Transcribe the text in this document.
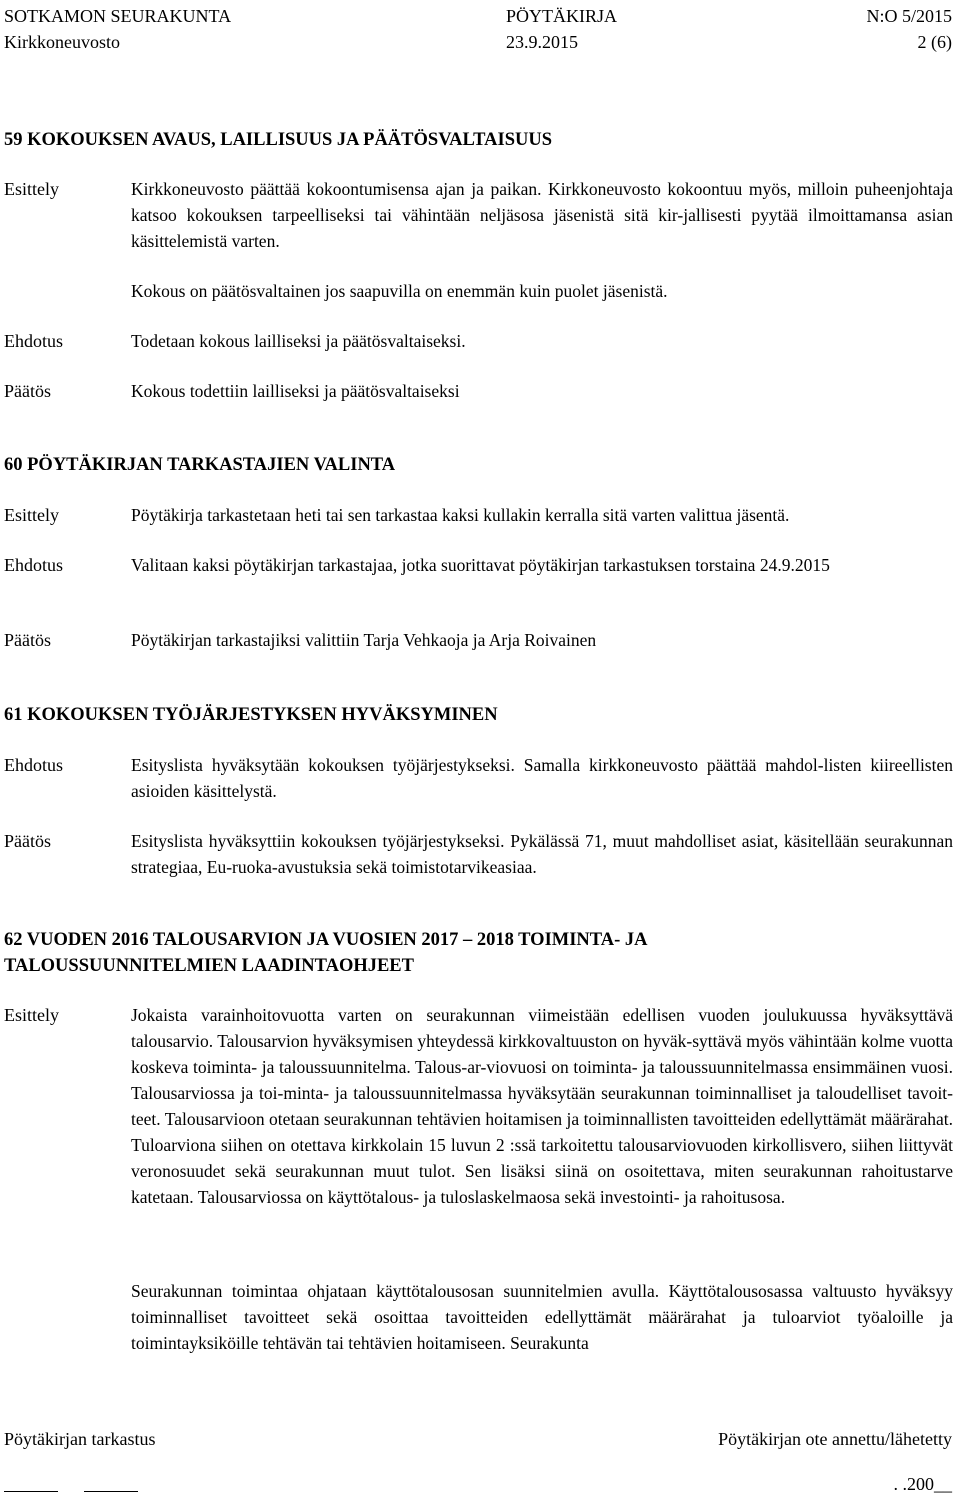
SOTKAMON SEURAKUNTA	PÖYTÄKIRJA	N:O 5/2015
Kirkkoneuvosto	23.9.2015	2 (6)
59 KOKOUKSEN AVAUS, LAILLISUUS JA PÄÄTÖSVALTAISUUS
Esittely	Kirkkoneuvosto päättää kokoontumisensa ajan ja paikan. Kirkkoneuvosto kokoontuu myös, milloin puheenjohtaja katsoo kokouksen tarpeelliseksi tai vähintään neljäsosa jäsenistä sitä kir-jallisesti pyytää ilmoittamansa asian käsittelemistä varten.
Kokous on päätösvaltainen jos saapuvilla on enemmän kuin puolet jäsenistä.
Ehdotus	Todetaan kokous lailliseksi ja päätösvaltaiseksi.
Päätös	Kokous todettiin lailliseksi ja päätösvaltaiseksi
60 PÖYTÄKIRJAN TARKASTAJIEN VALINTA
Esittely	Pöytäkirja tarkastetaan heti tai sen tarkastaa kaksi kullakin kerralla sitä varten valittua jäsentä.
Ehdotus	Valitaan kaksi pöytäkirjan tarkastajaa, jotka suorittavat pöytäkirjan tarkastuksen torstaina 24.9.2015
Päätös	Pöytäkirjan tarkastajiksi valittiin Tarja Vehkaoja ja Arja Roivainen
61 KOKOUKSEN TYÖJÄRJESTYKSEN HYVÄKSYMINEN
Ehdotus	Esityslista hyväksytään kokouksen työjärjestykseksi. Samalla kirkkoneuvosto päättää mahdol-listen kiireellisten asioiden käsittelystä.
Päätös	Esityslista hyväksyttiin kokouksen työjärjestykseksi. Pykälässä 71, muut mahdolliset asiat, käsitellään seurakunnan strategiaa, Eu-ruoka-avustuksia sekä toimistotarvikeasiaa.
62 VUODEN 2016 TALOUSARVION JA VUOSIEN 2017 – 2018 TOIMINTA- JA
TALOUSSUUNNITELMIEN LAADINTAOHJEET
Esittely	Jokaista varainhoitovuotta varten on seurakunnan viimeistään edellisen vuoden joulukuussa hyväksyttävä talousarvio. Talousarvion hyväksymisen yhteydessä kirkkovaltuuston on hyväk-syttävä myös vähintään kolme vuotta koskeva toiminta- ja taloussuunnitelma. Talous-ar-viovuosi on toiminta- ja taloussuunnitelmassa ensimmäinen vuosi. Talousarviossa ja toi-minta- ja taloussuunnitelmassa hyväksytään seurakunnan toiminnalliset ja taloudelliset tavoit-teet. Talousarvioon otetaan seurakunnan tehtävien hoitamisen ja toiminnallisten tavoitteiden edellyttämät määrärahat. Tuloarviona siihen on otettava kirkkolain 15 luvun 2 :ssä tarkoitettu talousarviovuoden kirkollisvero, siihen liittyvät veronosuudet sekä seurakunnan muut tulot. Sen lisäksi siinä on osoitettava, miten seurakunnan rahoitustarve katetaan. Talousarviossa on käyttötalous- ja tuloslaskelmaosa sekä investointi- ja rahoitusosa.
Seurakunnan toimintaa ohjataan käyttötalousosan suunnitelmien avulla. Käyttötalousosassa valtuusto hyväksyy toiminnalliset tavoitteet sekä osoittaa tavoitteiden edellyttämät määrärahat ja tuloarviot työaloille ja toimintayksiköille tehtävän tai tehtävien hoitamiseen. Seurakunta
Pöytäkirjan tarkastus	Pöytäkirjan ote annettu/lähetetty
. .200__
